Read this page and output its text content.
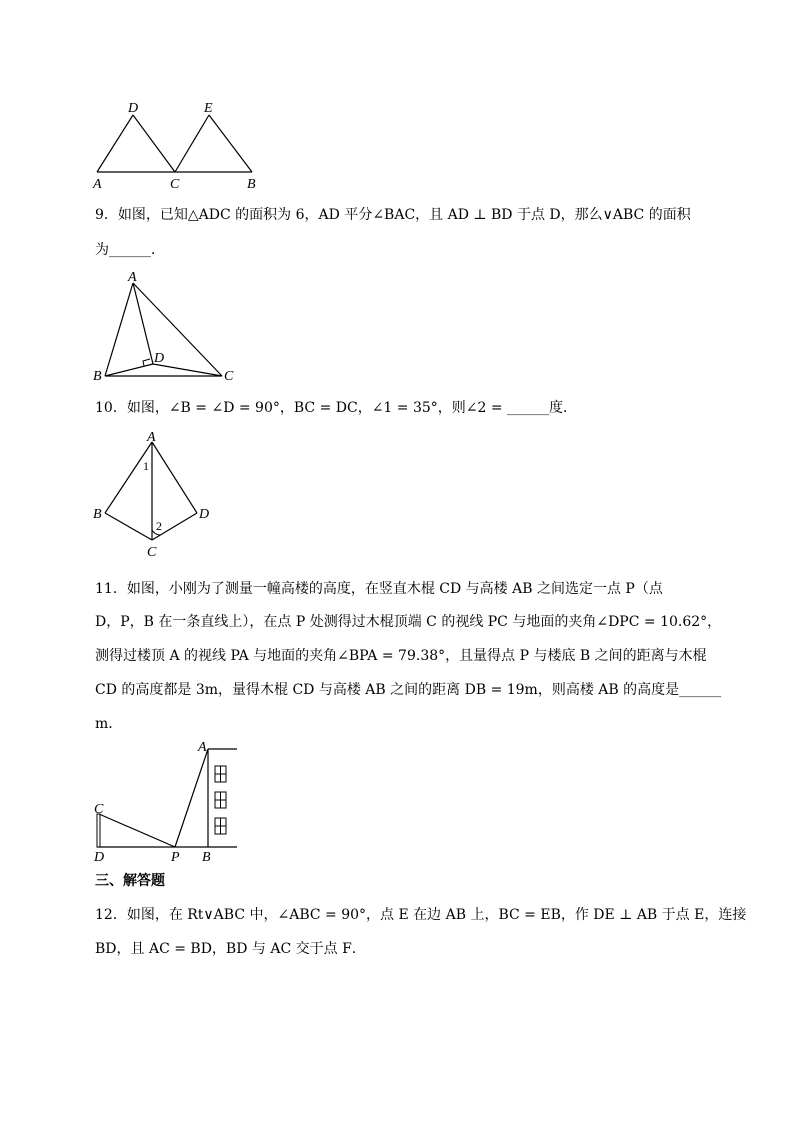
D	E
A	C	B
9．如图，已知△ADC 的面积为 6，AD 平分∠BAC，且 AD ⊥ BD 于点 D，那么∨ABC 的面积
为______．
A
B	C
D
10．如图，∠B = ∠D = 90°，BC = DC，∠1 = 35°，则∠2 = ______度．
A
B
C
D
1
2
11．如图，小刚为了测量一幢高楼的高度，在竖直木棍 CD 与高楼 AB 之间选定一点 P（点
D，P，B 在一条直线上），在点 P 处测得过木棍顶端 C 的视线 PC 与地面的夹角∠DPC = 10.62°，
测得过楼顶 A 的视线 PA 与地面的夹角∠BPA = 79.38°，且量得点 P 与楼底 B 之间的距离与木棍
CD 的高度都是 3m，量得木棍 CD 与高楼 AB 之间的距离 DB = 19m，则高楼 AB 的高度是______
m．
A
C
D	P B
三、解答题
12．如图，在 Rt∨ABC 中，∠ABC = 90°，点 E 在边 AB 上，BC = EB，作 DE ⊥ AB 于点 E，连接
BD，且 AC = BD，BD 与 AC 交于点 F．
